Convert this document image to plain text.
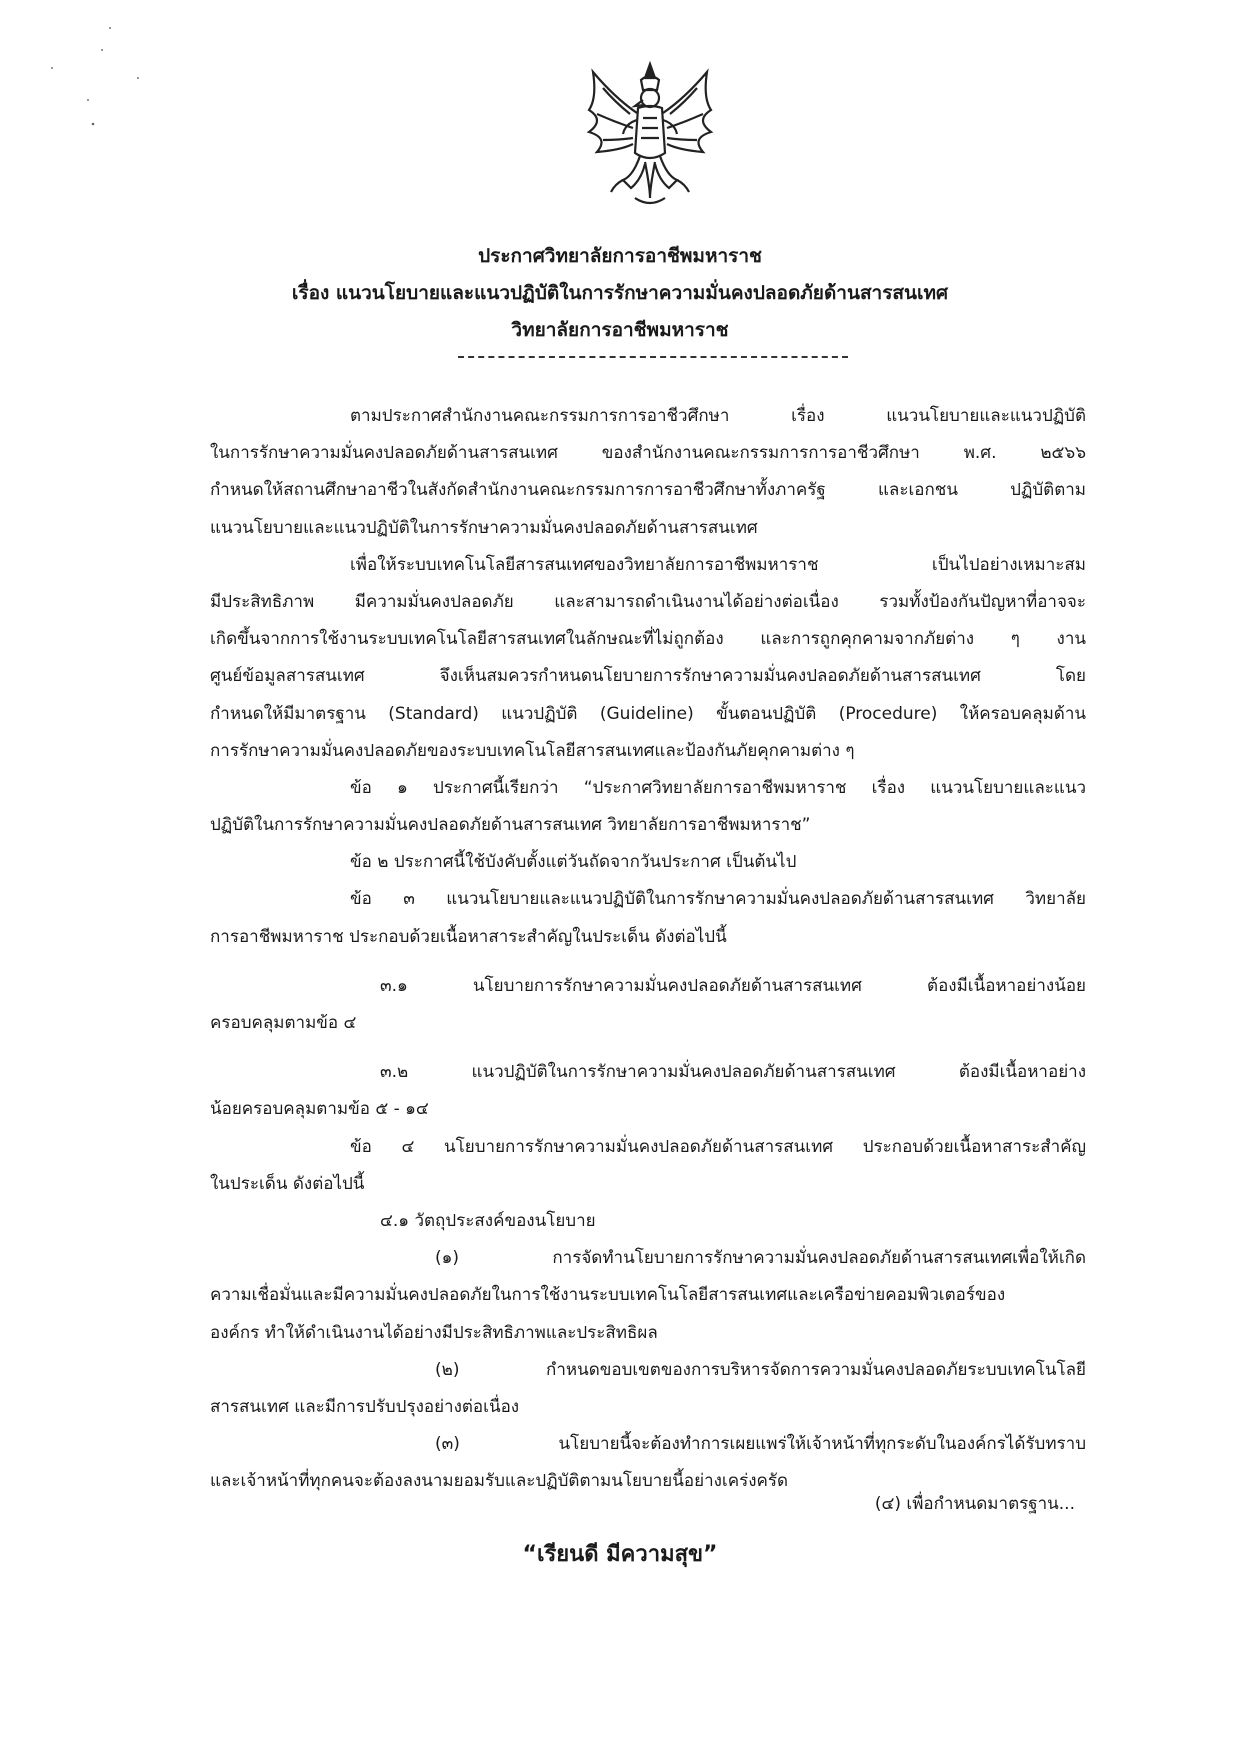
ประกาศวิทยาลัยการอาชีพมหาราช
เรื่อง แนวนโยบายและแนวปฏิบัติในการรักษาความมั่นคงปลอดภัยด้านสารสนเทศ
วิทยาลัยการอาชีพมหาราช
ตามประกาศสำนักงานคณะกรรมการการอาชีวศึกษา เรื่อง แนวนโยบายและแนวปฏิบัติ
ในการรักษาความมั่นคงปลอดภัยด้านสารสนเทศ ของสำนักงานคณะกรรมการการอาชีวศึกษา พ.ศ. ๒๕๖๖
กำหนดให้สถานศึกษาอาชีวในสังกัดสำนักงานคณะกรรมการการอาชีวศึกษาทั้งภาครัฐ และเอกชน ปฏิบัติตาม
แนวนโยบายและแนวปฏิบัติในการรักษาความมั่นคงปลอดภัยด้านสารสนเทศ
เพื่อให้ระบบเทคโนโลยีสารสนเทศของวิทยาลัยการอาชีพมหาราช เป็นไปอย่างเหมาะสม
มีประสิทธิภาพ มีความมั่นคงปลอดภัย และสามารถดำเนินงานได้อย่างต่อเนื่อง รวมทั้งป้องกันปัญหาที่อาจจะ
เกิดขึ้นจากการใช้งานระบบเทคโนโลยีสารสนเทศในลักษณะที่ไม่ถูกต้อง และการถูกคุกคามจากภัยต่าง ๆ งาน
ศูนย์ข้อมูลสารสนเทศ จึงเห็นสมควรกำหนดนโยบายการรักษาความมั่นคงปลอดภัยด้านสารสนเทศ โดย
กำหนดให้มีมาตรฐาน (Standard) แนวปฏิบัติ (Guideline) ขั้นตอนปฏิบัติ (Procedure) ให้ครอบคลุมด้าน
การรักษาความมั่นคงปลอดภัยของระบบเทคโนโลยีสารสนเทศและป้องกันภัยคุกคามต่าง ๆ
ข้อ ๑ ประกาศนี้เรียกว่า “ประกาศวิทยาลัยการอาชีพมหาราช เรื่อง แนวนโยบายและแนว
ปฏิบัติในการรักษาความมั่นคงปลอดภัยด้านสารสนเทศ วิทยาลัยการอาชีพมหาราช”
ข้อ ๒ ประกาศนี้ใช้บังคับตั้งแต่วันถัดจากวันประกาศ เป็นต้นไป
ข้อ ๓ แนวนโยบายและแนวปฏิบัติในการรักษาความมั่นคงปลอดภัยด้านสารสนเทศ วิทยาลัย
การอาชีพมหาราช ประกอบด้วยเนื้อหาสาระสำคัญในประเด็น ดังต่อไปนี้
๓.๑ นโยบายการรักษาความมั่นคงปลอดภัยด้านสารสนเทศ ต้องมีเนื้อหาอย่างน้อย
ครอบคลุมตามข้อ ๔
๓.๒ แนวปฏิบัติในการรักษาความมั่นคงปลอดภัยด้านสารสนเทศ ต้องมีเนื้อหาอย่าง
น้อยครอบคลุมตามข้อ ๕ - ๑๔
ข้อ ๔ นโยบายการรักษาความมั่นคงปลอดภัยด้านสารสนเทศ ประกอบด้วยเนื้อหาสาระสำคัญ
ในประเด็น ดังต่อไปนี้
๔.๑ วัตถุประสงค์ของนโยบาย
(๑) การจัดทำนโยบายการรักษาความมั่นคงปลอดภัยด้านสารสนเทศเพื่อให้เกิด
ความเชื่อมั่นและมีความมั่นคงปลอดภัยในการใช้งานระบบเทคโนโลยีสารสนเทศและเครือข่ายคอมพิวเตอร์ของ
องค์กร ทำให้ดำเนินงานได้อย่างมีประสิทธิภาพและประสิทธิผล
(๒) กำหนดขอบเขตของการบริหารจัดการความมั่นคงปลอดภัยระบบเทคโนโลยี
สารสนเทศ และมีการปรับปรุงอย่างต่อเนื่อง
(๓) นโยบายนี้จะต้องทำการเผยแพร่ให้เจ้าหน้าที่ทุกระดับในองค์กรได้รับทราบ
และเจ้าหน้าที่ทุกคนจะต้องลงนามยอมรับและปฏิบัติตามนโยบายนี้อย่างเคร่งครัด
(๔) เพื่อกำหนดมาตรฐาน...
“เรียนดี มีความสุข”
